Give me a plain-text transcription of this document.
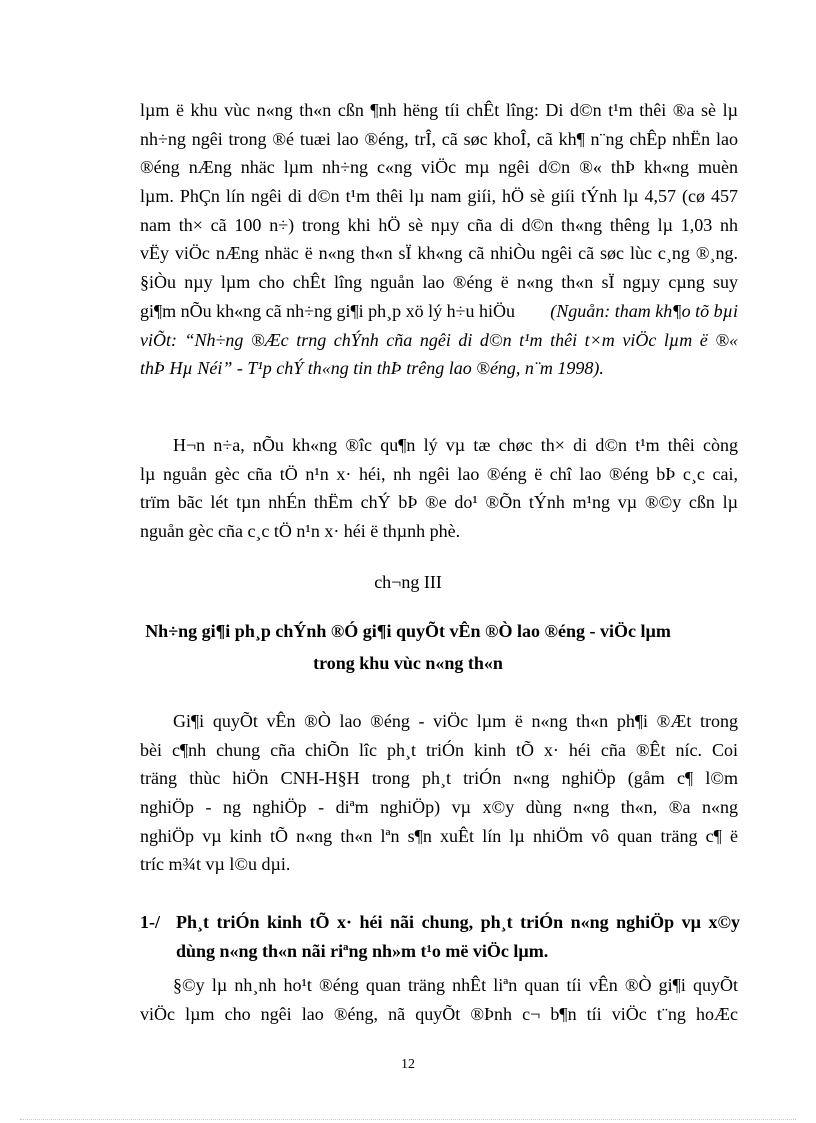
lµm ë khu vùc n«ng th«n cßn ¶nh hëng tíi chÊt lîng: Di d©n t¹m thêi ®a sè lµ
nh÷ng ngêi trong ®é tuæi lao ®éng, trÎ, cã søc khoÎ, cã kh¶ n¨ng chÊp nhËn lao
®éng nÆng nhäc lµm nh÷ng c«ng viÖc mµ ngêi d©n ®« thÞ kh«ng muèn
lµm. PhÇn lín ngêi di d©n t¹m thêi lµ nam giíi, hÖ sè giíi tÝnh lµ 4,57 (cø 457
nam th× cã 100 n÷) trong khi hÖ sè nµy cña di d©n th«ng thêng lµ 1,03 nh
vËy viÖc nÆng nhäc ë n«ng th«n sÏ kh«ng cã nhiÒu ngêi cã søc lùc c¸ng ®¸ng.
§iÒu nµy lµm cho chÊt lîng nguån lao ®éng ë n«ng th«n sÏ ngµy cµng suy
gi¶m nÕu kh«ng cã nh÷ng gi¶i ph¸p xö lý h÷u hiÖu (Nguån: tham kh¶o tõ bµi
viÕt: “Nh÷ng ®Æc trng chÝnh cña ngêi di d©n t¹m thêi t×m viÖc lµm ë ®«
thÞ Hµ Néi” - T¹p chÝ th«ng tin thÞ trêng lao ®éng, n¨m 1998).
H¬n n÷a, nÕu kh«ng ®îc qu¶n lý vµ tæ chøc th× di d©n t¹m thêi còng
lµ nguån gèc cña tÖ n¹n x· héi, nh ngêi lao ®éng ë chî lao ®éng bÞ c¸c cai,
trïm bãc lét tµn nhÉn thËm chÝ bÞ ®e do¹ ®Õn tÝnh m¹ng vµ ®©y cßn lµ
nguån gèc cña c¸c tÖ n¹n x· héi ë thµnh phè.
ch¬ng III
Nh÷ng gi¶i ph¸p chÝnh ®Ó gi¶i quyÕt vÊn ®Ò lao ®éng - viÖc lµm
trong khu vùc n«ng th«n
Gi¶i quyÕt vÊn ®Ò lao ®éng - viÖc lµm ë n«ng th«n ph¶i ®Æt trong
bèi c¶nh chung cña chiÕn lîc ph¸t triÓn kinh tÕ x· héi cña ®Êt níc. Coi
träng thùc hiÖn CNH-H§H trong ph¸t triÓn n«ng nghiÖp (gåm c¶ l©m
nghiÖp - ng nghiÖp - diªm nghiÖp) vµ x©y dùng n«ng th«n, ®a n«ng
nghiÖp vµ kinh tÕ n«ng th«n lªn s¶n xuÊt lín lµ nhiÖm vô quan träng c¶ ë
tríc m¾t vµ l©u dµi.
1-/ Ph¸t triÓn kinh tÕ x· héi nãi chung, ph¸t triÓn n«ng nghiÖp vµ x©y
dùng n«ng th«n nãi riªng nh»m t¹o më viÖc lµm.
§©y lµ nh¸nh ho¹t ®éng quan träng nhÊt liªn quan tíi vÊn ®Ò gi¶i quyÕt
viÖc lµm cho ngêi lao ®éng, nã quyÕt ®Þnh c¬ b¶n tíi viÖc t¨ng hoÆc
12
